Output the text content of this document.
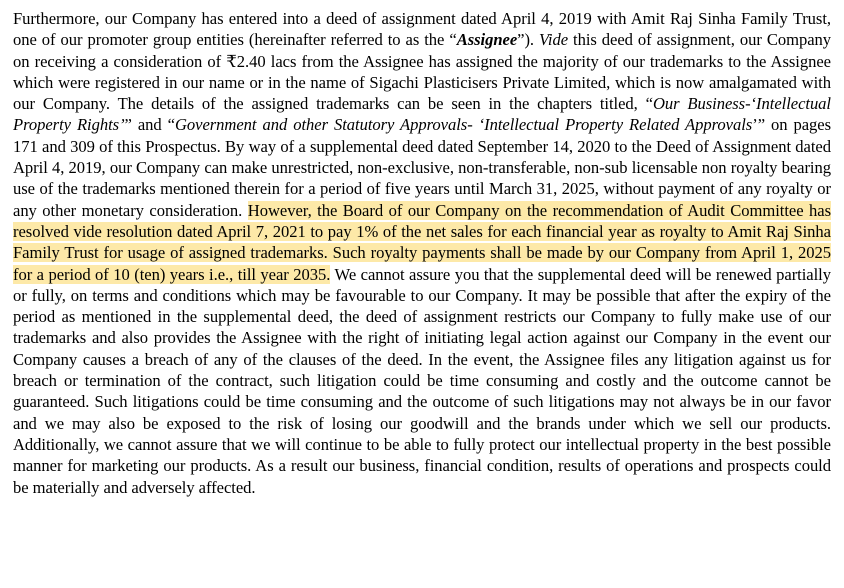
Furthermore, our Company has entered into a deed of assignment dated April 4, 2019 with Amit Raj Sinha Family Trust, one of our promoter group entities (hereinafter referred to as the “Assignee”). Vide this deed of assignment, our Company on receiving a consideration of ₹2.40 lacs from the Assignee has assigned the majority of our trademarks to the Assignee which were registered in our name or in the name of Sigachi Plasticisers Private Limited, which is now amalgamated with our Company. The details of the assigned trademarks can be seen in the chapters titled, “Our Business-‘Intellectual Property Rights’” and “Government and other Statutory Approvals- ‘Intellectual Property Related Approvals’” on pages 171 and 309 of this Prospectus. By way of a supplemental deed dated September 14, 2020 to the Deed of Assignment dated April 4, 2019, our Company can make unrestricted, non-exclusive, non-transferable, non-sub licensable non royalty bearing use of the trademarks mentioned therein for a period of five years until March 31, 2025, without payment of any royalty or any other monetary consideration. However, the Board of our Company on the recommendation of Audit Committee has resolved vide resolution dated April 7, 2021 to pay 1% of the net sales for each financial year as royalty to Amit Raj Sinha Family Trust for usage of assigned trademarks. Such royalty payments shall be made by our Company from April 1, 2025 for a period of 10 (ten) years i.e., till year 2035. We cannot assure you that the supplemental deed will be renewed partially or fully, on terms and conditions which may be favourable to our Company. It may be possible that after the expiry of the period as mentioned in the supplemental deed, the deed of assignment restricts our Company to fully make use of our trademarks and also provides the Assignee with the right of initiating legal action against our Company in the event our Company causes a breach of any of the clauses of the deed. In the event, the Assignee files any litigation against us for breach or termination of the contract, such litigation could be time consuming and costly and the outcome cannot be guaranteed. Such litigations could be time consuming and the outcome of such litigations may not always be in our favor and we may also be exposed to the risk of losing our goodwill and the brands under which we sell our products. Additionally, we cannot assure that we will continue to be able to fully protect our intellectual property in the best possible manner for marketing our products. As a result our business, financial condition, results of operations and prospects could be materially and adversely affected.
